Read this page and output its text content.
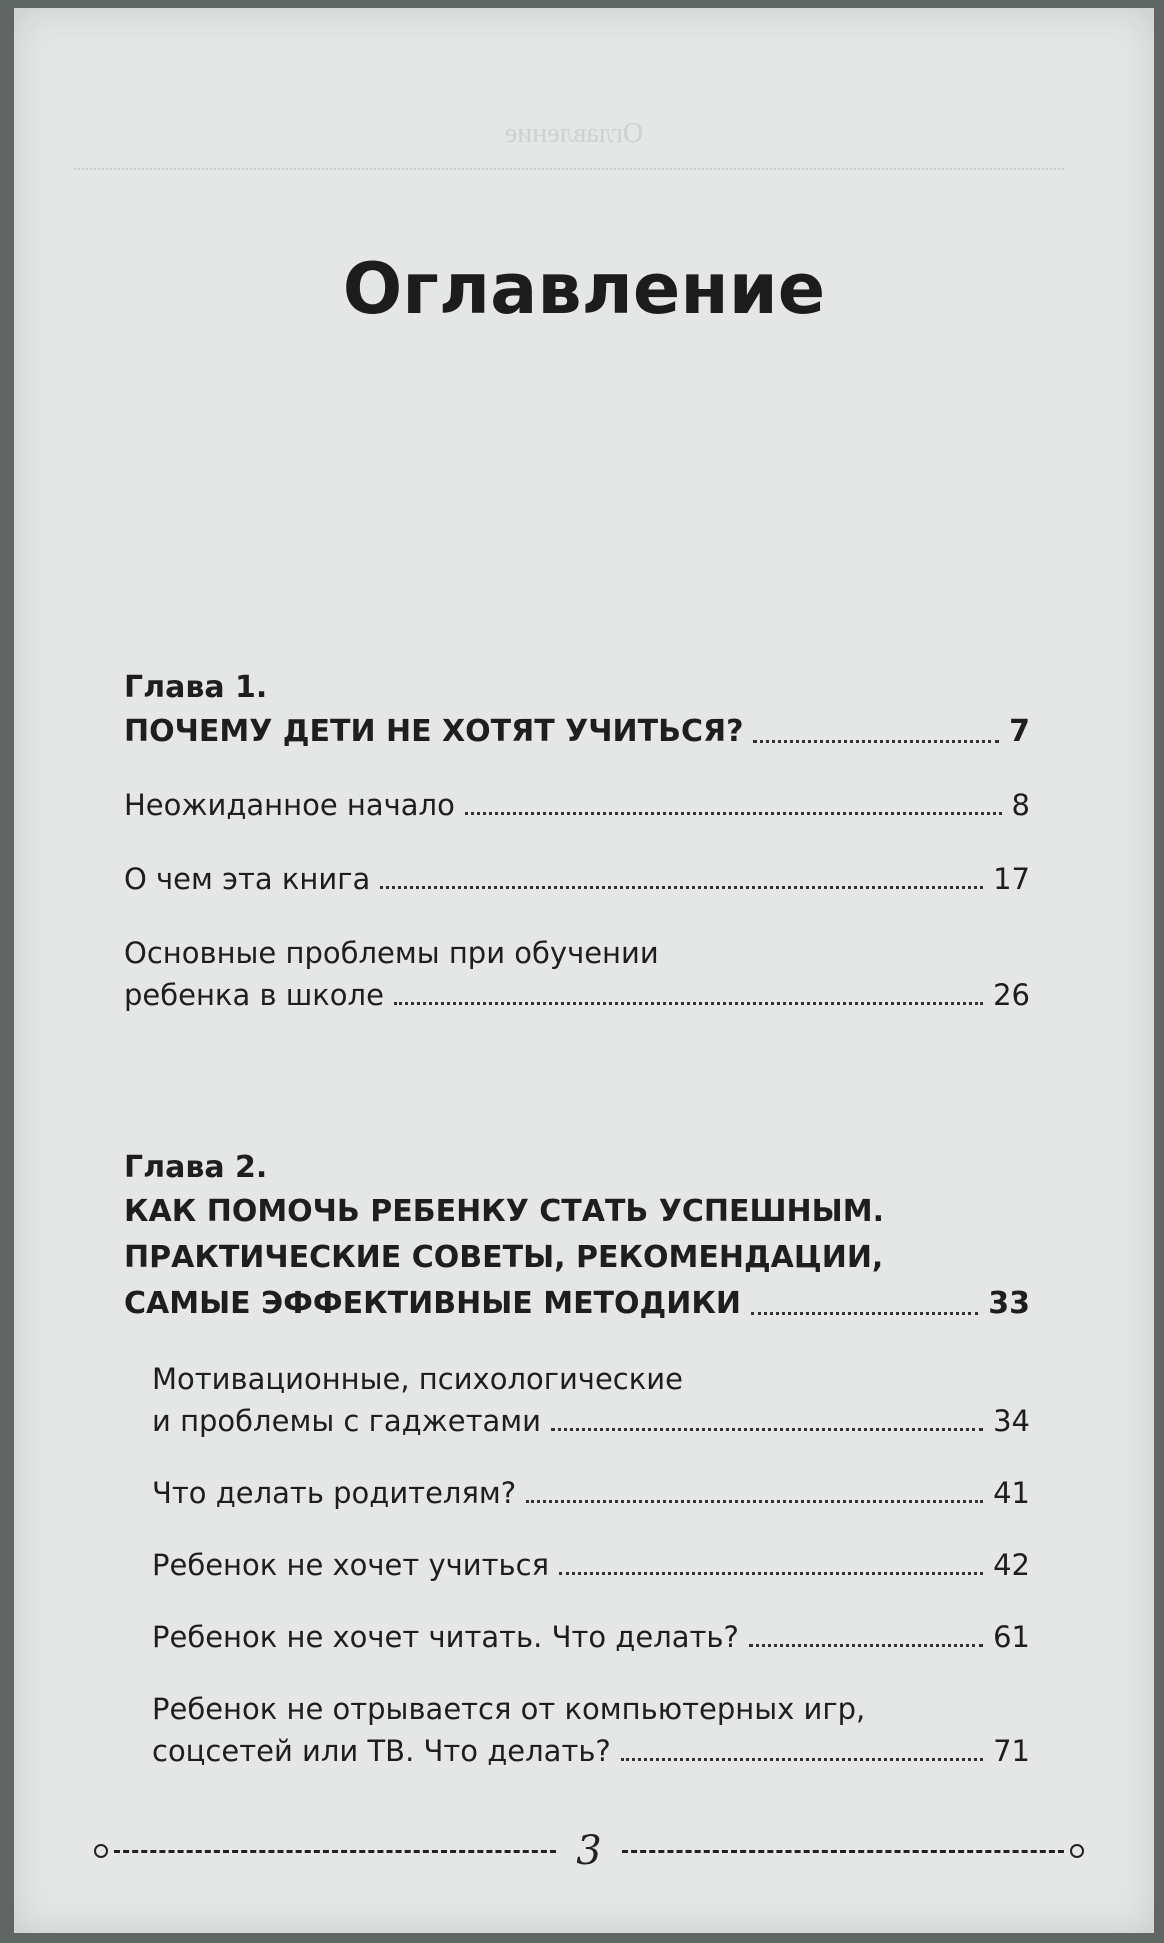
Оглавление
Оглавление

Глава 1.

ПОЧЕМУ ДЕТИ НЕ ХОТЯТ УЧИТЬСЯ?	7
Неожиданное начало	8
О чем эта книга	17
Основные проблемы при обучении
ребенка в школе	26

Глава 2.

КАК ПОМОЧЬ РЕБЕНКУ СТАТЬ УСПЕШНЫМ.
ПРАКТИЧЕСКИЕ СОВЕТЫ, РЕКОМЕНДАЦИИ,
САМЫЕ ЭФФЕКТИВНЫЕ МЕТОДИКИ	33
Мотивационные, психологические
и проблемы с гаджетами	34
Что делать родителям?	41
Ребенок не хочет учиться	42
Ребенок не хочет читать. Что делать?	61
Ребенок не отрывается от компьютерных игр,
соцсетей или ТВ. Что делать?	71
3
